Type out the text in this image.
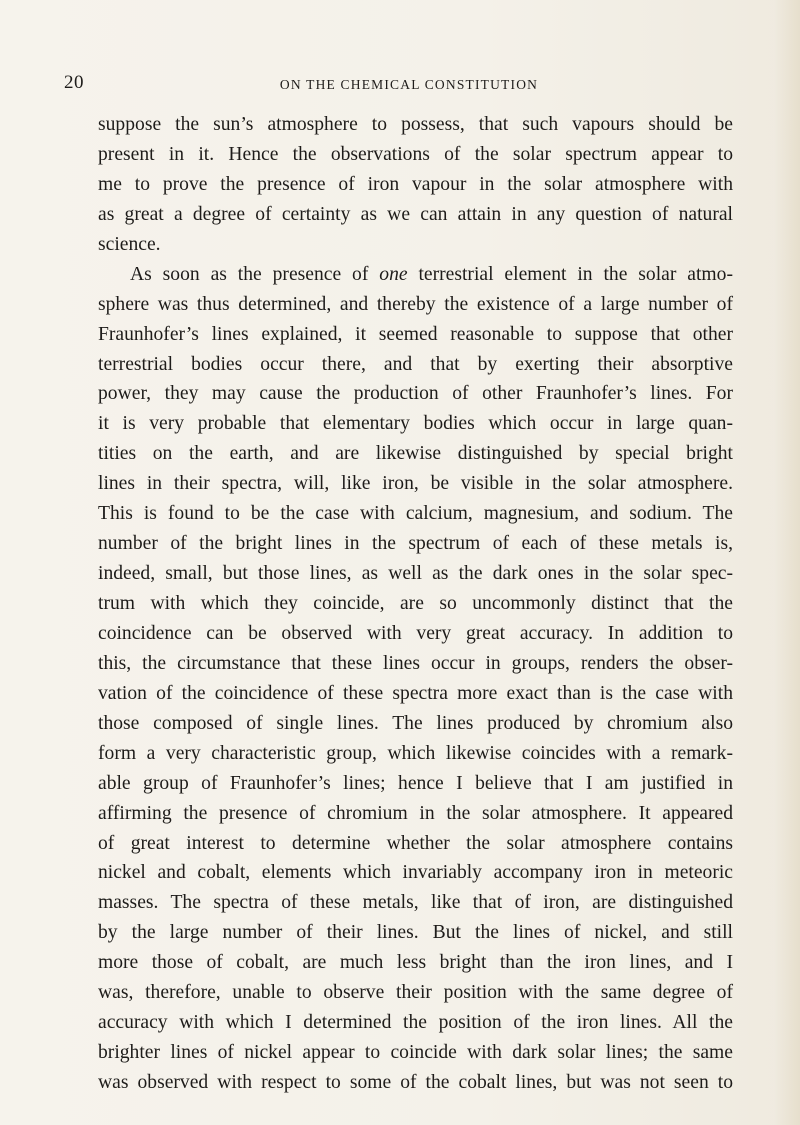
20	ON THE CHEMICAL CONSTITUTION

suppose the sun’s atmosphere to possess, that such vapours should be
present in it. Hence the observations of the solar spectrum appear to
me to prove the presence of iron vapour in the solar atmosphere with
as great a degree of certainty as we can attain in any question of natural
science.

As soon as the presence of one terrestrial element in the solar atmo-
sphere was thus determined, and thereby the existence of a large number of
Fraunhofer’s lines explained, it seemed reasonable to suppose that other
terrestrial bodies occur there, and that by exerting their absorptive
power, they may cause the production of other Fraunhofer’s lines. For
it is very probable that elementary bodies which occur in large quan-
tities on the earth, and are likewise distinguished by special bright
lines in their spectra, will, like iron, be visible in the solar atmosphere.
This is found to be the case with calcium, magnesium, and sodium. The
number of the bright lines in the spectrum of each of these metals is,
indeed, small, but those lines, as well as the dark ones in the solar spec-
trum with which they coincide, are so uncommonly distinct that the
coincidence can be observed with very great accuracy. In addition to
this, the circumstance that these lines occur in groups, renders the obser-
vation of the coincidence of these spectra more exact than is the case with
those composed of single lines. The lines produced by chromium also
form a very characteristic group, which likewise coincides with a remark-
able group of Fraunhofer’s lines; hence I believe that I am justified in
affirming the presence of chromium in the solar atmosphere. It appeared
of great interest to determine whether the solar atmosphere contains
nickel and cobalt, elements which invariably accompany iron in meteoric
masses. The spectra of these metals, like that of iron, are distinguished
by the large number of their lines. But the lines of nickel, and still
more those of cobalt, are much less bright than the iron lines, and I
was, therefore, unable to observe their position with the same degree of
accuracy with which I determined the position of the iron lines. All the
brighter lines of nickel appear to coincide with dark solar lines; the same
was observed with respect to some of the cobalt lines, but was not seen to
